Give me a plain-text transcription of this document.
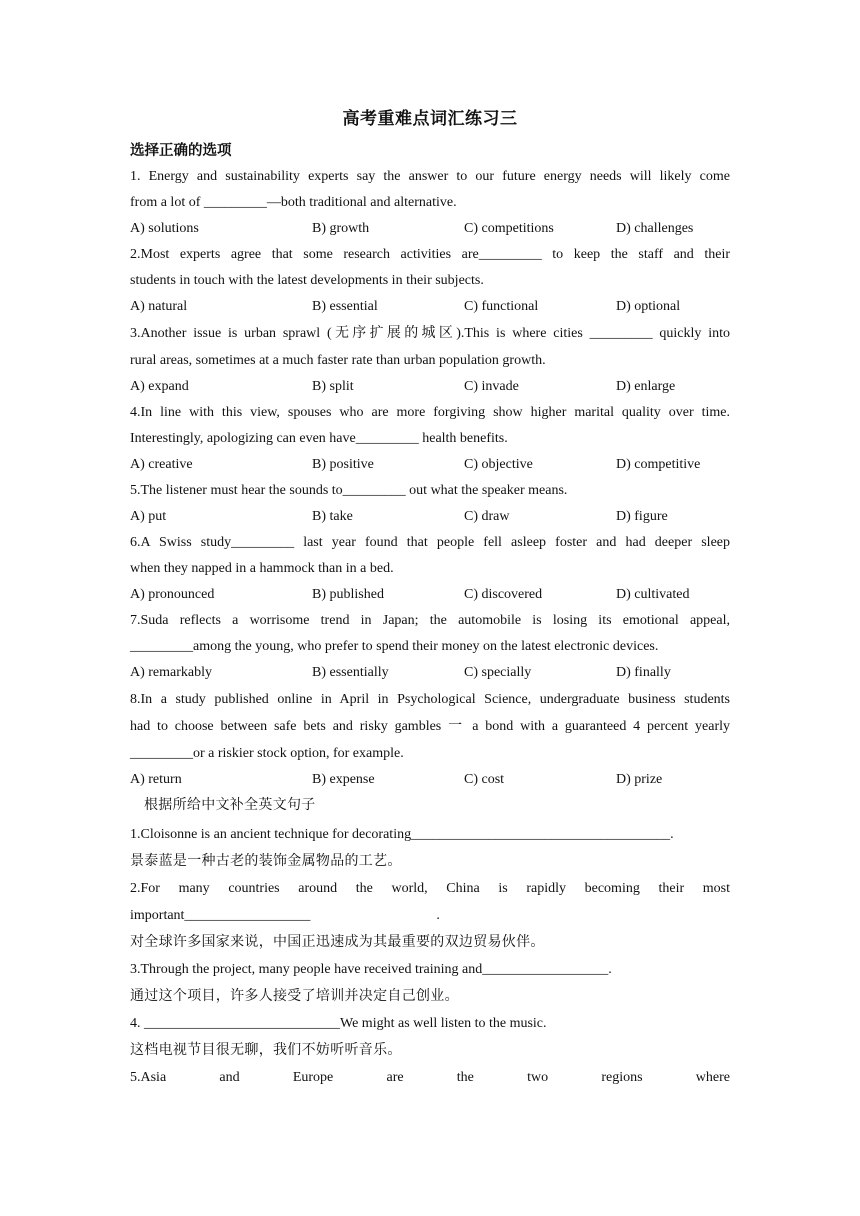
高考重难点词汇练习三
选择正确的选项
1. Energy and sustainability experts say the answer to our future energy needs will likely come
from a lot of _________—both traditional and alternative.
A) solutions	B) growth	C) competitions	D) challenges
2.Most experts agree that some research activities are_________ to keep the staff and their
students in touch with the latest developments in their subjects.
A) natural	B) essential	C) functional	D) optional
3.Another issue is urban sprawl (无序扩展的城区).This is where cities _________ quickly into
rural areas, sometimes at a much faster rate than urban population growth.
A) expand	B) split	C) invade	D) enlarge
4.In line with this view, spouses who are more forgiving show higher marital quality over time.
Interestingly, apologizing can even have_________ health benefits.
A) creative	B) positive	C) objective	D) competitive
5.The listener must hear the sounds to_________ out what the speaker means.
A) put	B) take	C) draw	D) figure
6.A Swiss study_________ last year found that people fell asleep foster and had deeper sleep
when they napped in a hammock than in a bed.
A) pronounced	B) published	C) discovered	D) cultivated
7.Suda reflects a worrisome trend in Japan; the automobile is losing its emotional appeal,
_________among the young, who prefer to spend their money on the latest electronic devices.
A) remarkably	B) essentially	C) specially	D) finally
8.In a study published online in April in Psychological Science, undergraduate business students
had to choose between safe bets and risky gambles 一 a bond with a guaranteed 4 percent yearly
_________or a riskier stock option, for example.
A) return	B) expense	C) cost	D) prize
根据所给中文补全英文句子
1.Cloisonne is an ancient technique for decorating_____________________________________.
景泰蓝是一种古老的装饰金属物品的工艺。
2.For many countries around the world, China is rapidly becoming their most
important__________________                                    .
对全球许多国家来说，中国正迅速成为其最重要的双边贸易伙伴。
3.Through the project, many people have received training and__________________.
通过这个项目，许多人接受了培训并决定自己创业。
4. ____________________________We might as well listen to the music.
这档电视节目很无聊，我们不妨听听音乐。
5.Asia and Europe are the two regions where
